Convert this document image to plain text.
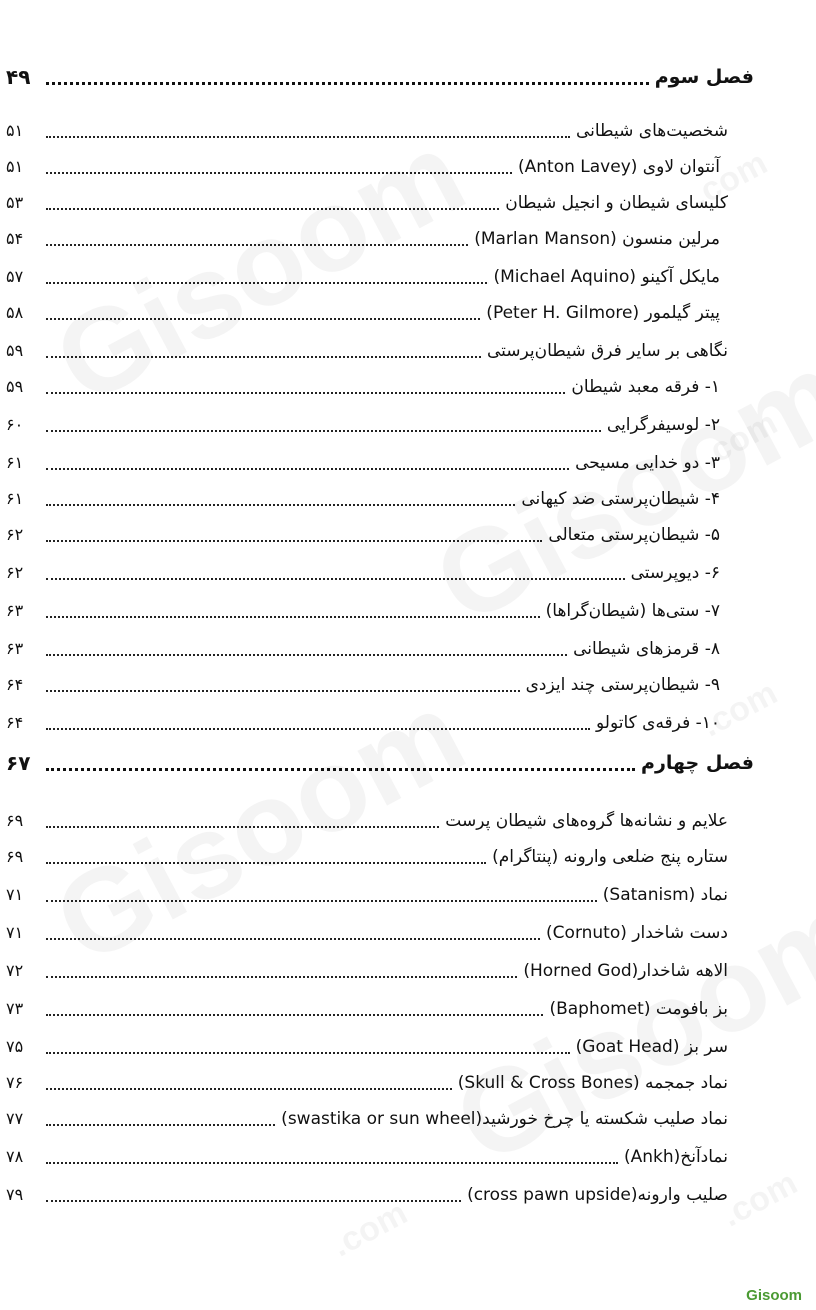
فصل سوم
۴۹
شخصیت‌های شیطانی
۵۱
آنتوان لاوی (Anton Lavey)
۵۱
کلیسای شیطان و انجیل شیطان
۵۳
مرلین منسون (Marlan Manson)
۵۴
مایکل آکینو (Michael Aquino)
۵۷
پیتر گیلمور (Peter H. Gilmore)
۵۸
نگاهی بر سایر فرق شیطان‌پرستی
۵۹
۱- فرقه معبد شیطان
۵۹
۲- لوسیفرگرایی
۶۰
۳- دو خدایی مسیحی
۶۱
۴- شیطان‌پرستی ضد کیهانی
۶۱
۵- شیطان‌پرستی متعالی
۶۲
۶- دیوپرستی
۶۲
۷- ستی‌ها (شیطان‌گراها)
۶۳
۸- قرمزهای شیطانی
۶۳
۹- شیطان‌پرستی چند ایزدی
۶۴
۱۰- فرقه‌ی کاتولو
۶۴
فصل چهارم
۶۷
علایم و نشانه‌ها گروه‌های شیطان پرست
۶۹
ستاره پنج ضلعی وارونه (پنتاگرام)
۶۹
نماد (Satanism)
۷۱
دست شاخدار (Cornuto)
۷۱
الاهه شاخدار(Horned God)
۷۲
بز بافومت (Baphomet)
۷۳
سر بز (Goat Head)
۷۵
نماد جمجمه (Skull & Cross Bones)
۷۶
نماد صلیب شکسته یا چرخ خورشید(swastika or sun wheel)
۷۷
نمادآنخ(Ankh)
۷۸
صلیب وارونه(cross pawn upside)
۷۹
Gisoom
